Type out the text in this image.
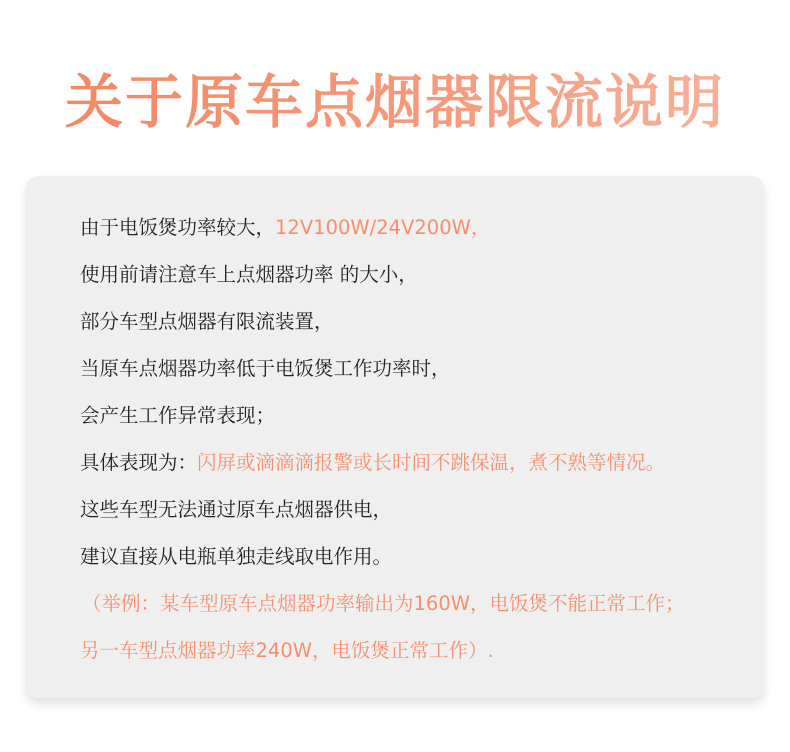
关于原车点烟器限流说明
由于电饭煲功率较大，12V100W/24V200W，
使用前请注意车上点烟器功率 的大小，
部分车型点烟器有限流装置，
当原车点烟器功率低于电饭煲工作功率时，
会产生工作异常表现；
具体表现为：闪屏或滴滴滴报警或长时间不跳保温，煮不熟等情况。
这些车型无法通过原车点烟器供电，
建议直接从电瓶单独走线取电作用。
（举例：某车型原车点烟器功率输出为160W，电饭煲不能正常工作；
另一车型点烟器功率240W，电饭煲正常工作）.
